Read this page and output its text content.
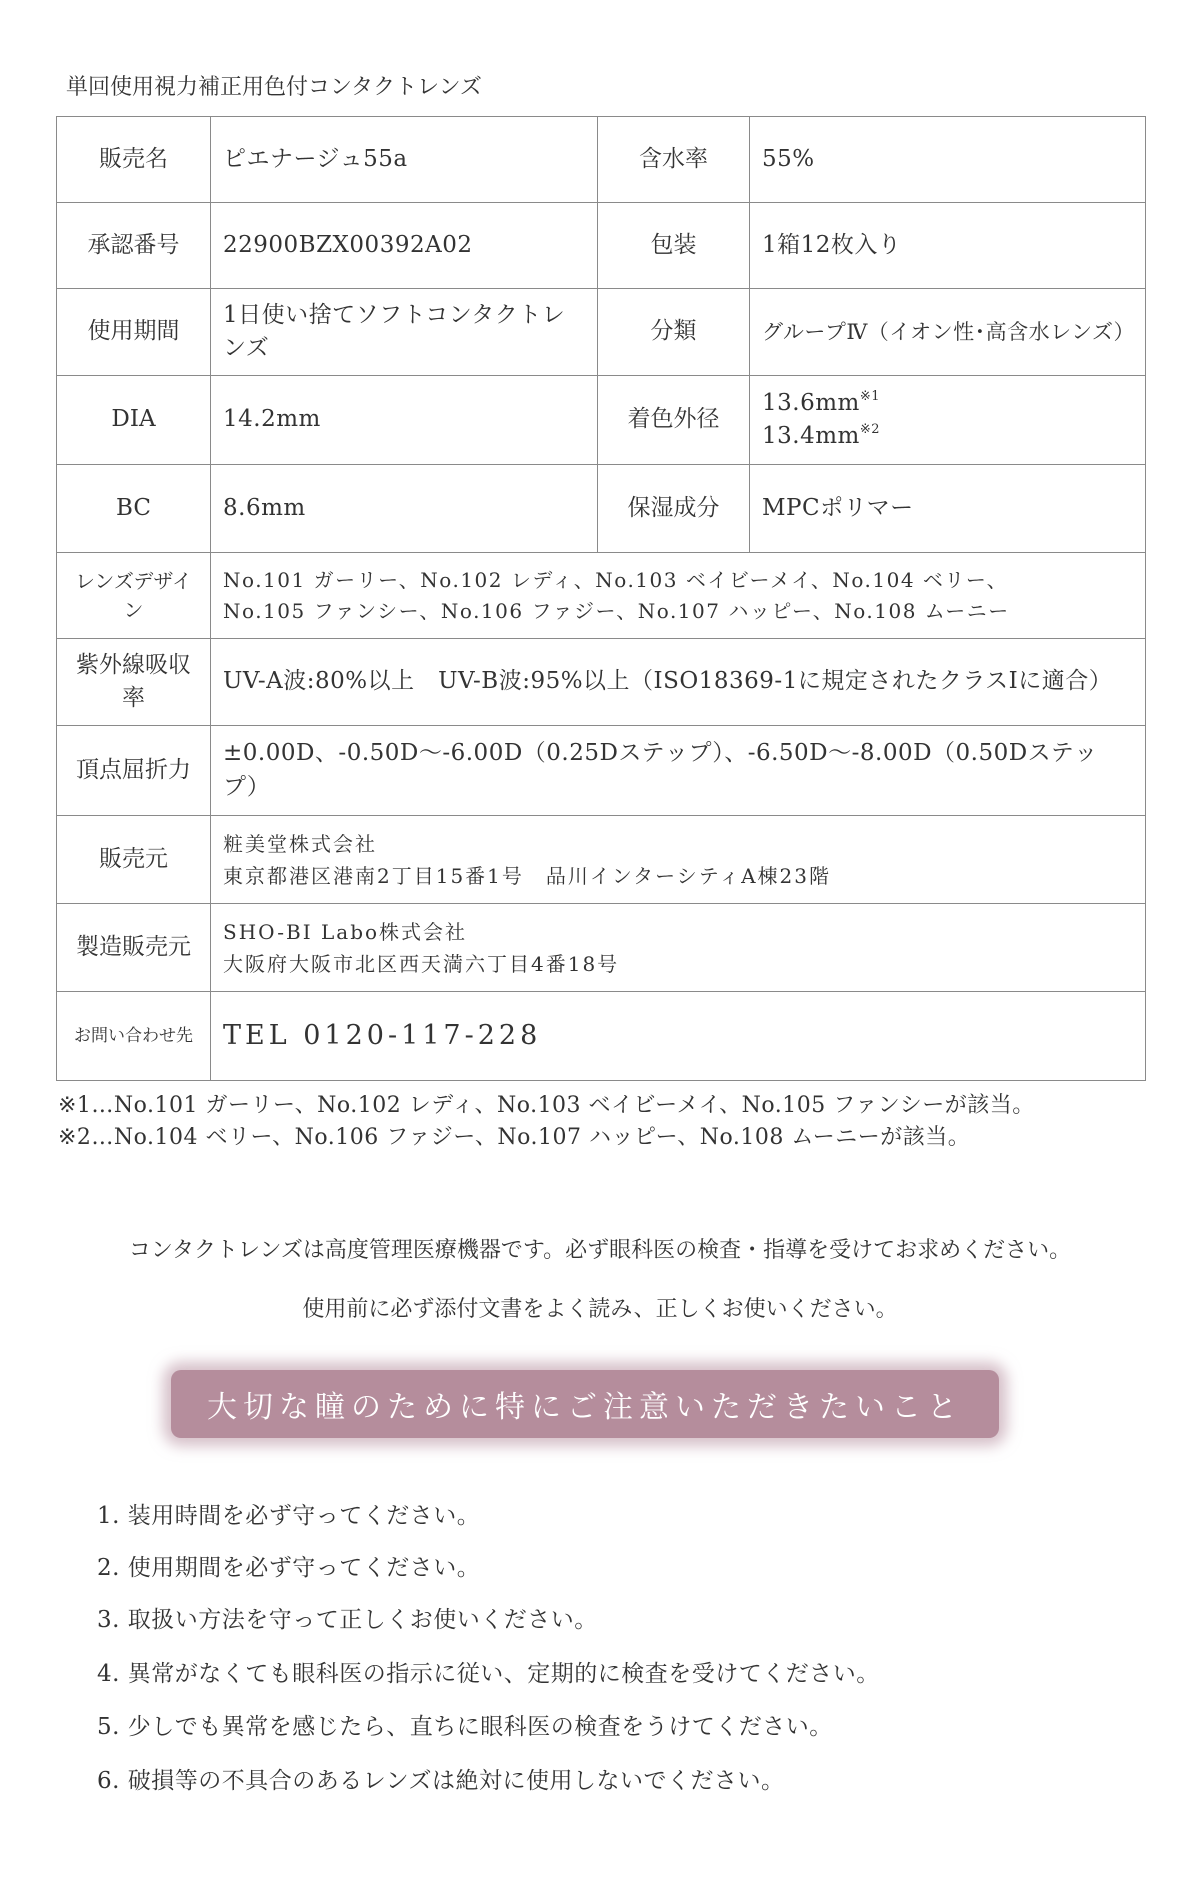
単回使用視力補正用色付コンタクトレンズ
販売名	ピエナージュ55a	含水率	55%
承認番号	22900BZX00392A02	包装	1箱12枚入り
使用期間	1日使い捨てソフトコンタクトレンズ	分類	グループⅣ（イオン性･高含水レンズ）
DIA	14.2mm	着色外径	$13.6mm^{※1}$
$13.4mm^{※2}$

BC	8.6mm	保湿成分	MPCポリマー
レンズデザイン	No.101 ガーリー、No.102 レディ、No.103 ベイビーメイ、No.104 ベリー、
No.105 ファンシー、No.106 ファジー、No.107 ハッピー、No.108 ムーニー		

紫外線吸収率	UV-A波:80%以上　UV-B波:95%以上（ISO18369-1に規定されたクラスIに適合）		
頂点屈折力	±0.00D、-0.50D～-6.00D（0.25Dステップ）、-6.50D～-8.00D（0.50Dステップ）		
販売元	粧美堂株式会社
東京都港区港南2丁目15番1号　品川インターシティA棟23階		

製造販売元	SHO-BI Labo株式会社
大阪府大阪市北区西天満六丁目4番18号		

お問い合わせ先	TEL 0120-117-228		
※1…No.101 ガーリー、No.102 レディ、No.103 ベイビーメイ、No.105 ファンシーが該当。
※2…No.104 ベリー、No.106 ファジー、No.107 ハッピー、No.108 ムーニーが該当。
コンタクトレンズは高度管理医療機器です。必ず眼科医の検査・指導を受けてお求めください。
使用前に必ず添付文書をよく読み、正しくお使いください。
大切な瞳のために特にご注意いただきたいこと
1. 装用時間を必ず守ってください。
2. 使用期間を必ず守ってください。
3. 取扱い方法を守って正しくお使いください。
4. 異常がなくても眼科医の指示に従い、定期的に検査を受けてください。
5. 少しでも異常を感じたら、直ちに眼科医の検査をうけてください。
6. 破損等の不具合のあるレンズは絶対に使用しないでください。
